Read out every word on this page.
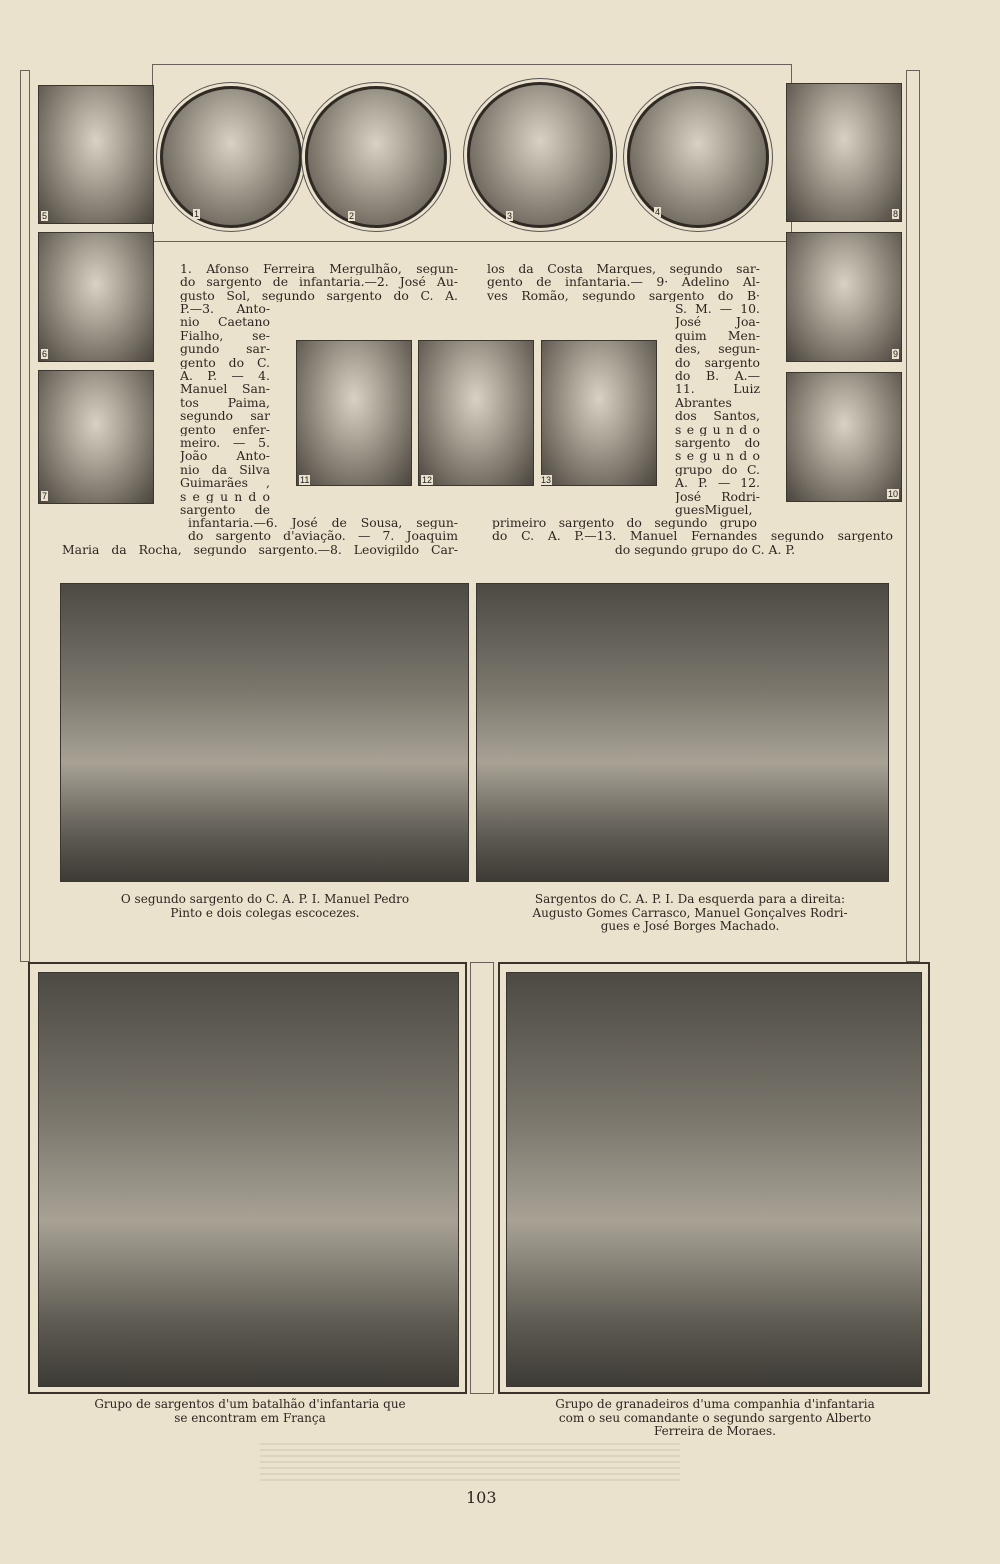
5
6
7
1	2	3	4	8
9
10
11	12	13
1. Afonso Ferreira Mergulhão, segun-
do sargento de infantaria.—2. José Au-
gusto Sol, segundo sargento do C. A.
P.—3. Anto-
nio Caetano
Fialho, se-
gundo sar-
gento do C.
A. P. — 4.
Manuel San-
tos Paima,
segundo sar
gento enfer-
meiro. — 5.
João Anto-
nio da Silva
Guimarães ,
s e g u n d o
sargento de
infantaria.—6. José de Sousa, segun-
do sargento d'aviação. — 7. Joaquim
Maria da Rocha, segundo sargento.—8. Leovigildo Car-
los da Costa Marques, segundo sar-
gento de infantaria.— 9· Adelino Al-
ves Romão, segundo sargento do B·
S. M. — 10.
José Joa-
quim Men-
des, segun-
do sargento
do B. A.—
11. Luiz
Abrantes
dos Santos,
s e g u n d o
sargento do
s e g u n d o
grupo do C.
A. P. — 12.
José Rodri-
guesMiguel,
primeiro sargento do segundo grupo
do C. A. P.—13. Manuel Fernandes segundo sargento
do segundo grupo do C. A. P.
O segundo sargento do C. A. P. I. Manuel Pedro
Pinto e dois colegas escocezes.
Sargentos do C. A. P. I. Da esquerda para a direita:
Augusto Gomes Carrasco, Manuel Gonçalves Rodri-
gues e José Borges Machado.
Grupo de sargentos d'um batalhão d'infantaria que
se encontram em França
Grupo de granadeiros d'uma companhia d'infantaria
com o seu comandante o segundo sargento Alberto
Ferreira de Moraes.
103
